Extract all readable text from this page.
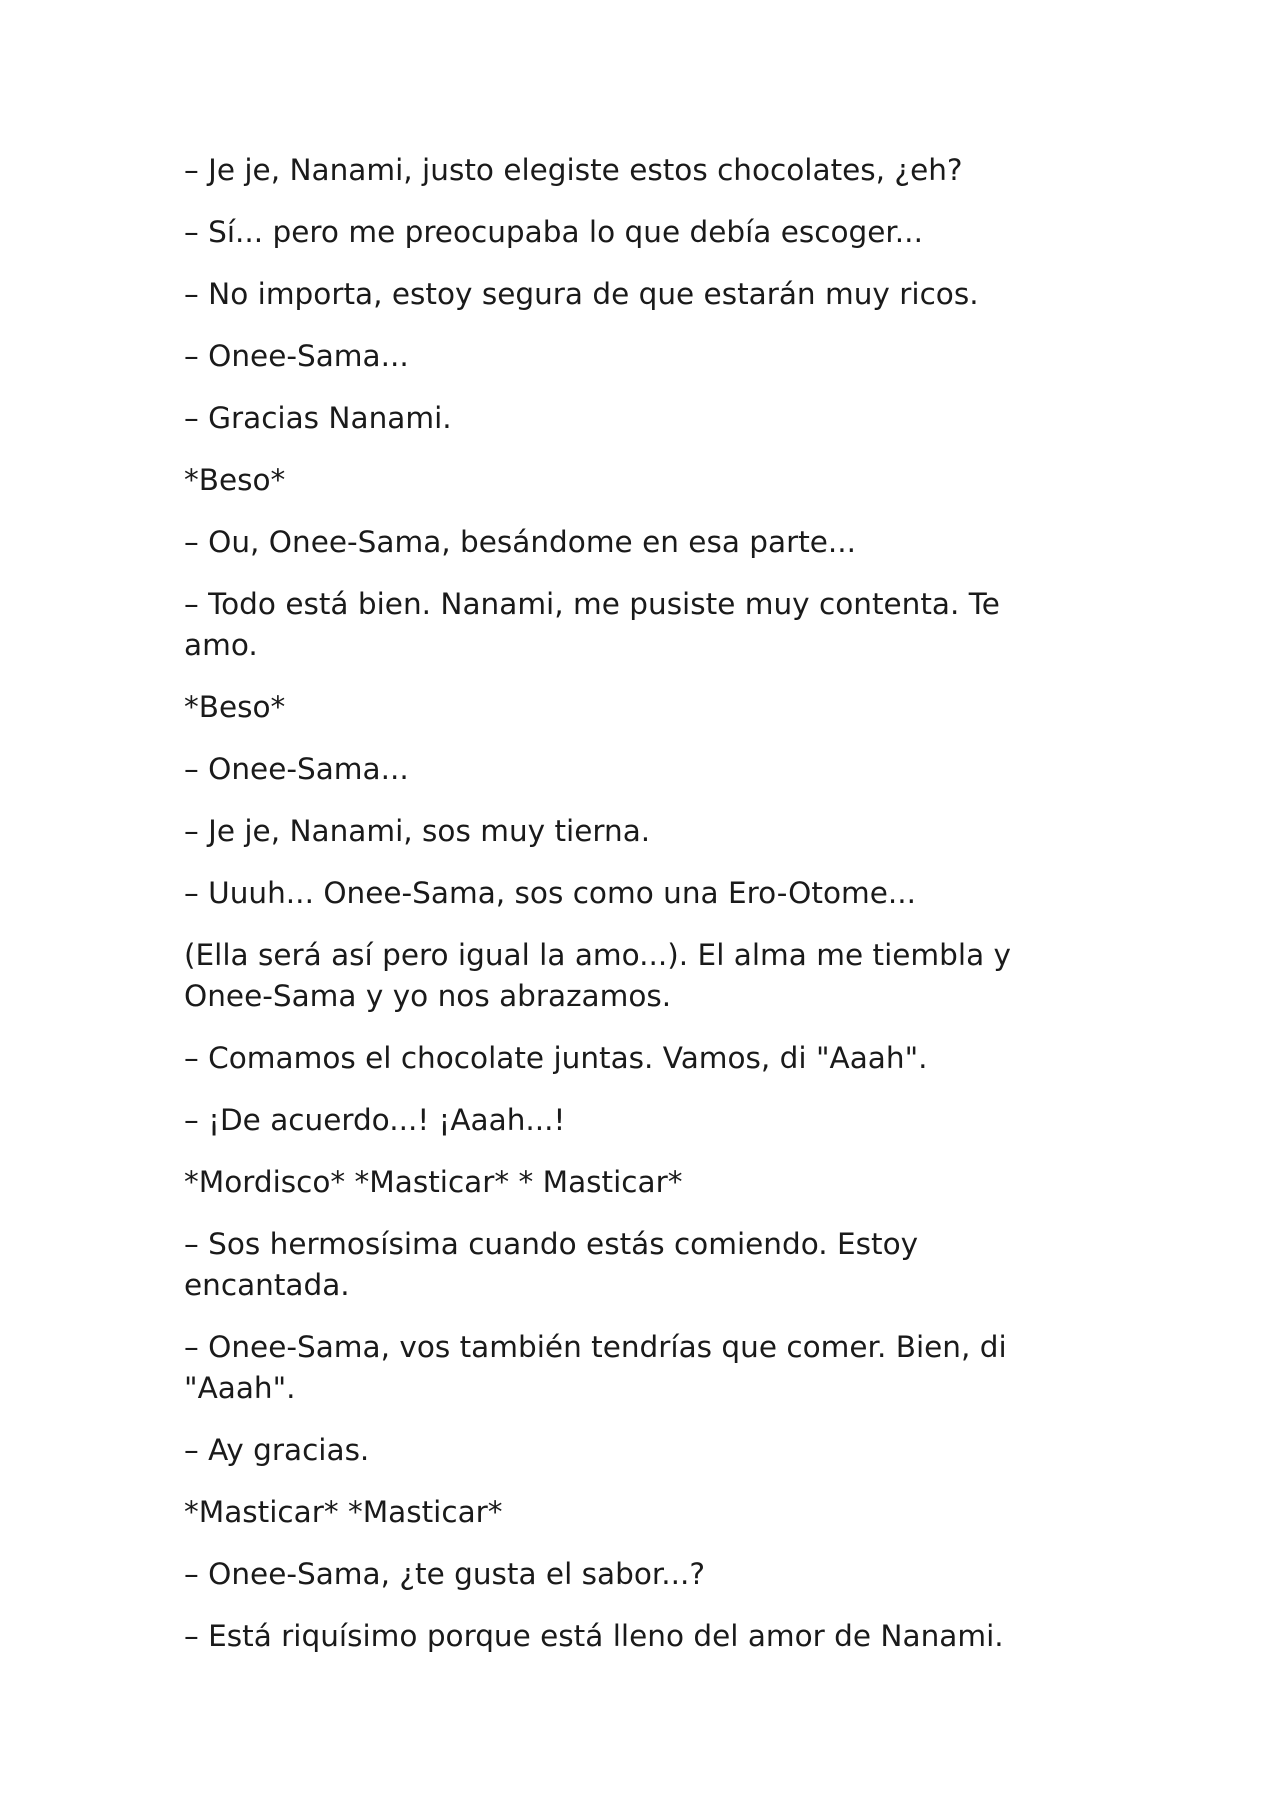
– Je je, Nanami, justo elegiste estos chocolates, ¿eh?

– Sí... pero me preocupaba lo que debía escoger...

– No importa, estoy segura de que estarán muy ricos.

– Onee-Sama...

– Gracias Nanami.

*Beso*

– Ou, Onee-Sama, besándome en esa parte...

– Todo está bien. Nanami, me pusiste muy contenta. Te amo.

*Beso*

– Onee-Sama...

– Je je, Nanami, sos muy tierna.

– Uuuh... Onee-Sama, sos como una Ero-Otome...

(Ella será así pero igual la amo...). El alma me tiembla y Onee-Sama y yo nos abrazamos.

– Comamos el chocolate juntas. Vamos, di "Aaah".

– ¡De acuerdo...! ¡Aaah...!

*Mordisco* *Masticar* * Masticar*

– Sos hermosísima cuando estás comiendo. Estoy encantada.

– Onee-Sama, vos también tendrías que comer. Bien, di "Aaah".

– Ay gracias.

*Masticar* *Masticar*

– Onee-Sama, ¿te gusta el sabor...?

– Está riquísimo porque está lleno del amor de Nanami.
